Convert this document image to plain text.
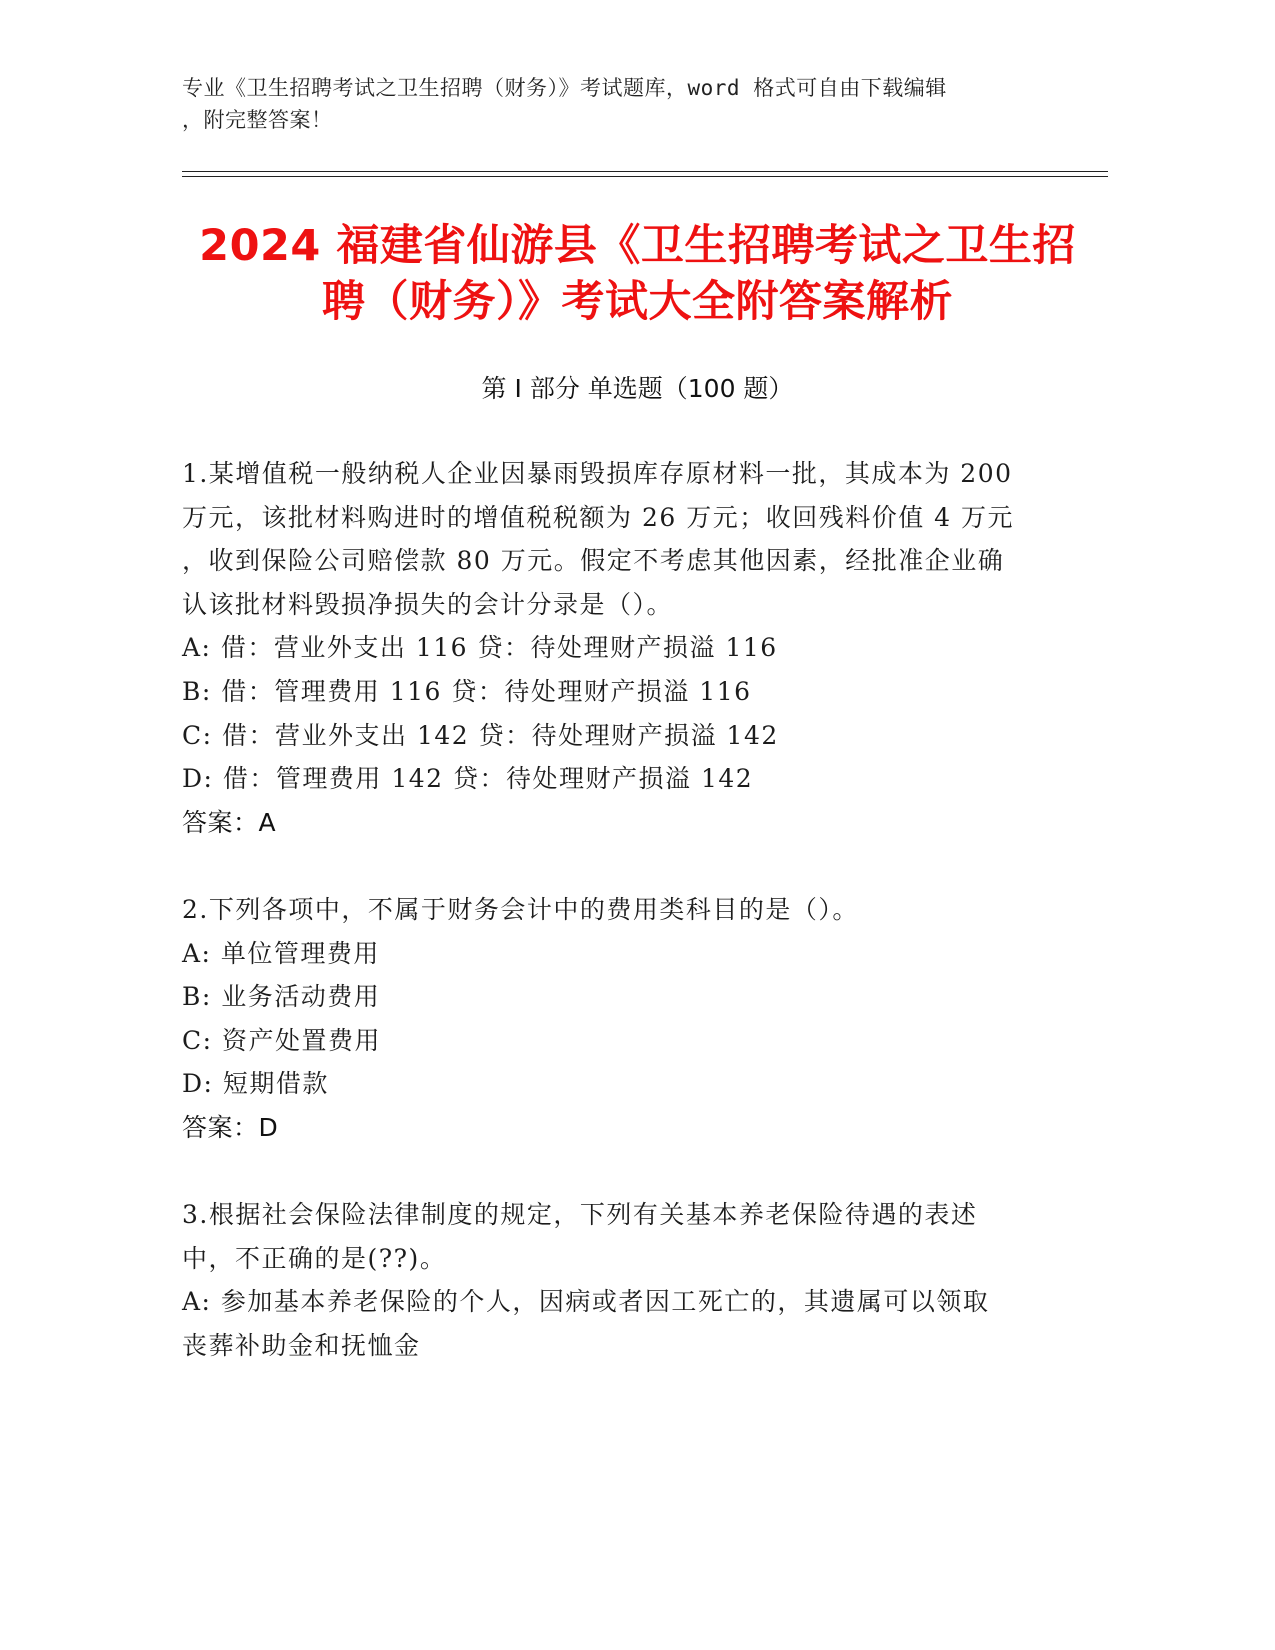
专业《卫生招聘考试之卫生招聘（财务）》考试题库，word 格式可自由下载编辑
，附完整答案！
2024 福建省仙游县《卫生招聘考试之卫生招
聘（财务）》考试大全附答案解析
第 I 部分 单选题（100 题）
1.某增值税一般纳税人企业因暴雨毁损库存原材料一批，其成本为 200
万元，该批材料购进时的增值税税额为 26 万元；收回残料价值 4 万元
，收到保险公司赔偿款 80 万元。假定不考虑其他因素，经批准企业确
认该批材料毁损净损失的会计分录是（）。
A: 借：营业外支出 116 贷：待处理财产损溢 116
B: 借：管理费用 116 贷：待处理财产损溢 116
C: 借：营业外支出 142 贷：待处理财产损溢 142
D: 借：管理费用 142 贷：待处理财产损溢 142
答案：A
2.下列各项中，不属于财务会计中的费用类科目的是（）。
A: 单位管理费用
B: 业务活动费用
C: 资产处置费用
D: 短期借款
答案：D
3.根据社会保险法律制度的规定，下列有关基本养老保险待遇的表述
中，不正确的是(??)。
A: 参加基本养老保险的个人，因病或者因工死亡的，其遗属可以领取
丧葬补助金和抚恤金
